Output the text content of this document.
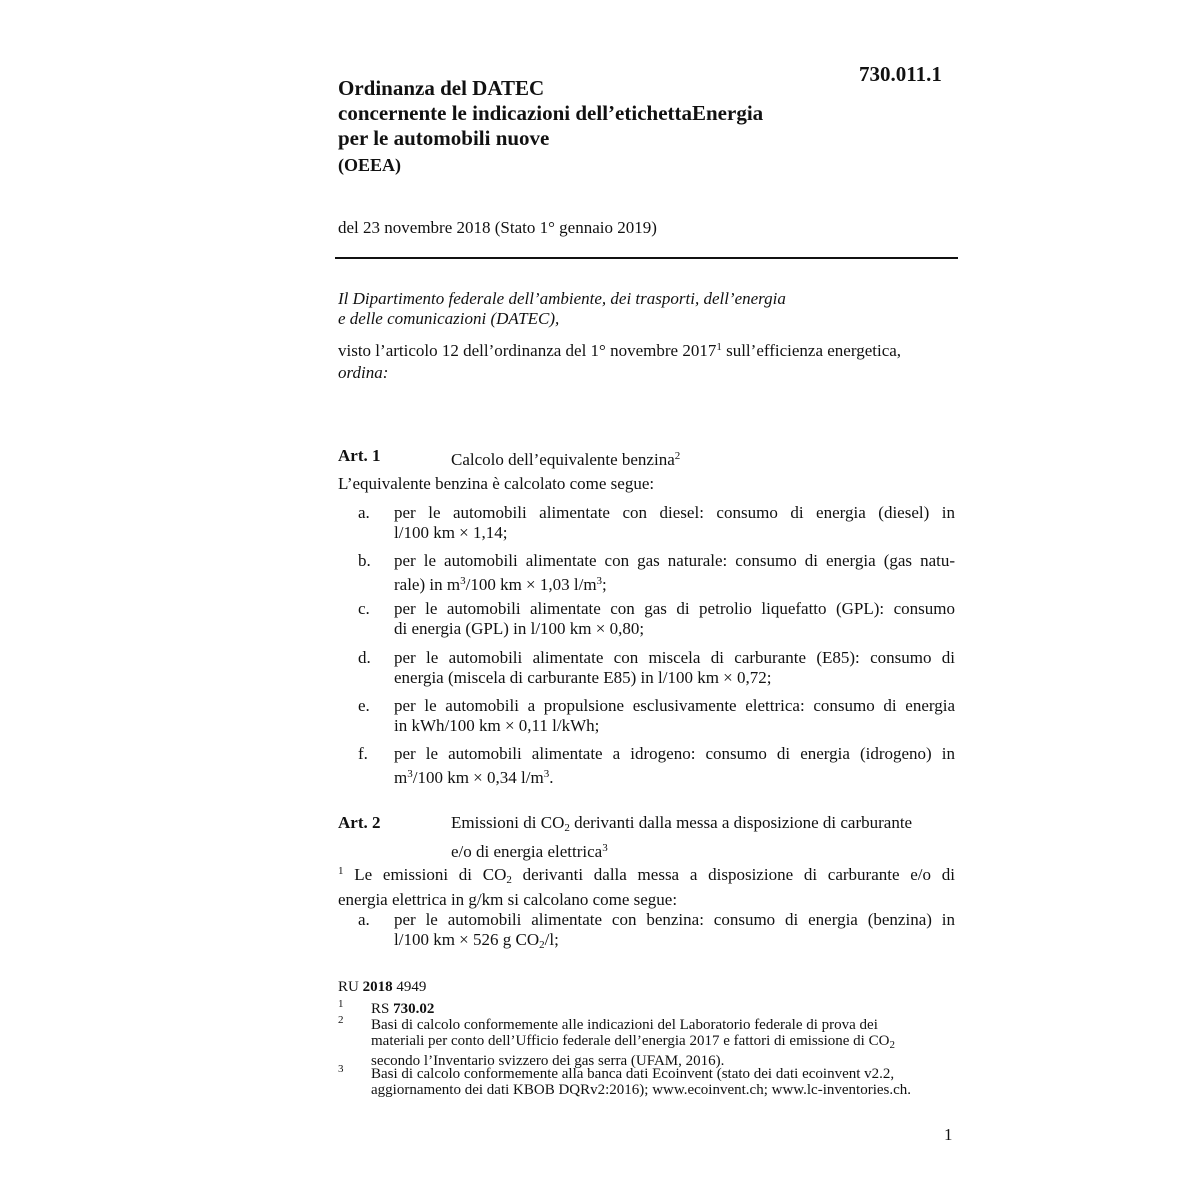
730.011.1
Ordinanza del DATEC
concernente le indicazioni dell’etichettaEnergia
per le automobili nuove
(OEEA)
del 23 novembre 2018 (Stato 1° gennaio 2019)
Il Dipartimento federale dell’ambiente, dei trasporti, dell’energia
e delle comunicazioni (DATEC),
visto l’articolo 12 dell’ordinanza del 1° novembre 2017$^1$ sull’efficienza energetica,
ordina:
Art. 1	Calcolo dell’equivalente benzina$^2$
L’equivalente benzina è calcolato come segue:
a. per le automobili alimentate con diesel: consumo di energia (diesel) in
l/100 km × 1,14;
b. per le automobili alimentate con gas naturale: consumo di energia (gas natu-
rale) in $m^3/100$ km × 1,03 $l/m^3$;
c. per le automobili alimentate con gas di petrolio liquefatto (GPL): consumo
di energia (GPL) in l/100 km × 0,80;
d. per le automobili alimentate con miscela di carburante (E85): consumo di
energia (miscela di carburante E85) in l/100 km × 0,72;
e. per le automobili a propulsione esclusivamente elettrica: consumo di energia
in kWh/100 km × 0,11 l/kWh;
f. per le automobili alimentate a idrogeno: consumo di energia (idrogeno) in
$m^3/100$ km × 0,34 $l/m^3$.
Art. 2	Emissioni di $CO_2$ derivanti dalla messa a disposizione di carburante
e/o di energia elettrica$^3$
$^1$ Le emissioni di $CO_2$ derivanti dalla messa a disposizione di carburante e/o di
energia elettrica in g/km si calcolano come segue:
a. per le automobili alimentate con benzina: consumo di energia (benzina) in
l/100 km × 526 g $CO_2/l$;
RU 2018 4949
1 RS 730.02
2 Basi di calcolo conformemente alle indicazioni del Laboratorio federale di prova dei
materiali per conto dell’Ufficio federale dell’energia 2017 e fattori di emissione di $CO_2$
secondo l’Inventario svizzero dei gas serra (UFAM, 2016).
3 Basi di calcolo conformemente alla banca dati Ecoinvent (stato dei dati ecoinvent v2.2,
aggiornamento dei dati KBOB DQRv2:2016); www.ecoinvent.ch; www.lc-inventories.ch.
1
